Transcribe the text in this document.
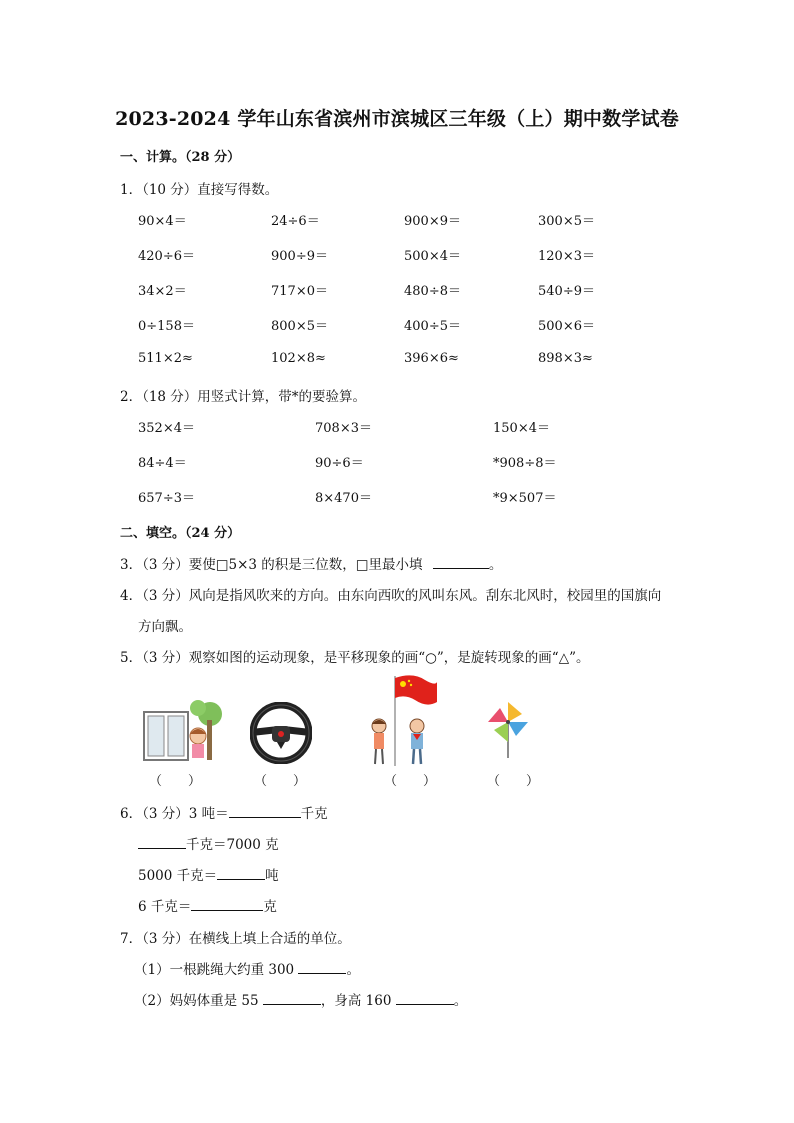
2023-2024 学年山东省滨州市滨城区三年级（上）期中数学试卷
一、计算。（28 分）
1．（10 分）直接写得数。
90×4＝	24÷6＝	900×9＝	300×5＝
420÷6＝	900÷9＝	500×4＝	120×3＝
34×2＝	717×0＝	480÷8＝	540÷9＝
0÷158＝	800×5＝	400÷5＝	500×6＝
511×2≈	102×8≈	396×6≈	898×3≈
2．（18 分）用竖式计算，带*的要验算。
352×4＝	708×3＝	150×4＝
84÷4＝	90÷6＝	*908÷8＝
657÷3＝	8×470＝	*9×507＝
二、填空。（24 分）
3．（3 分）要使□5×3 的积是三位数，□里最小填	。
4．（3 分）风向是指风吹来的方向。由东向西吹的风叫东风。刮东北风时，校园里的国旗向
方向飘。
5．（3 分）观察如图的运动现象，是平移现象的画“○”，是旋转现象的画“△”。
（　　）	（　　）	（　　）	（　　）
6．（3 分）3 吨＝	千克
千克＝7000 克
5000 千克＝	吨
6 千克＝	克
7．（3 分）在横线上填上合适的单位。
（1）一根跳绳大约重 300	。
（2）妈妈体重是 55	，身高 160	。
